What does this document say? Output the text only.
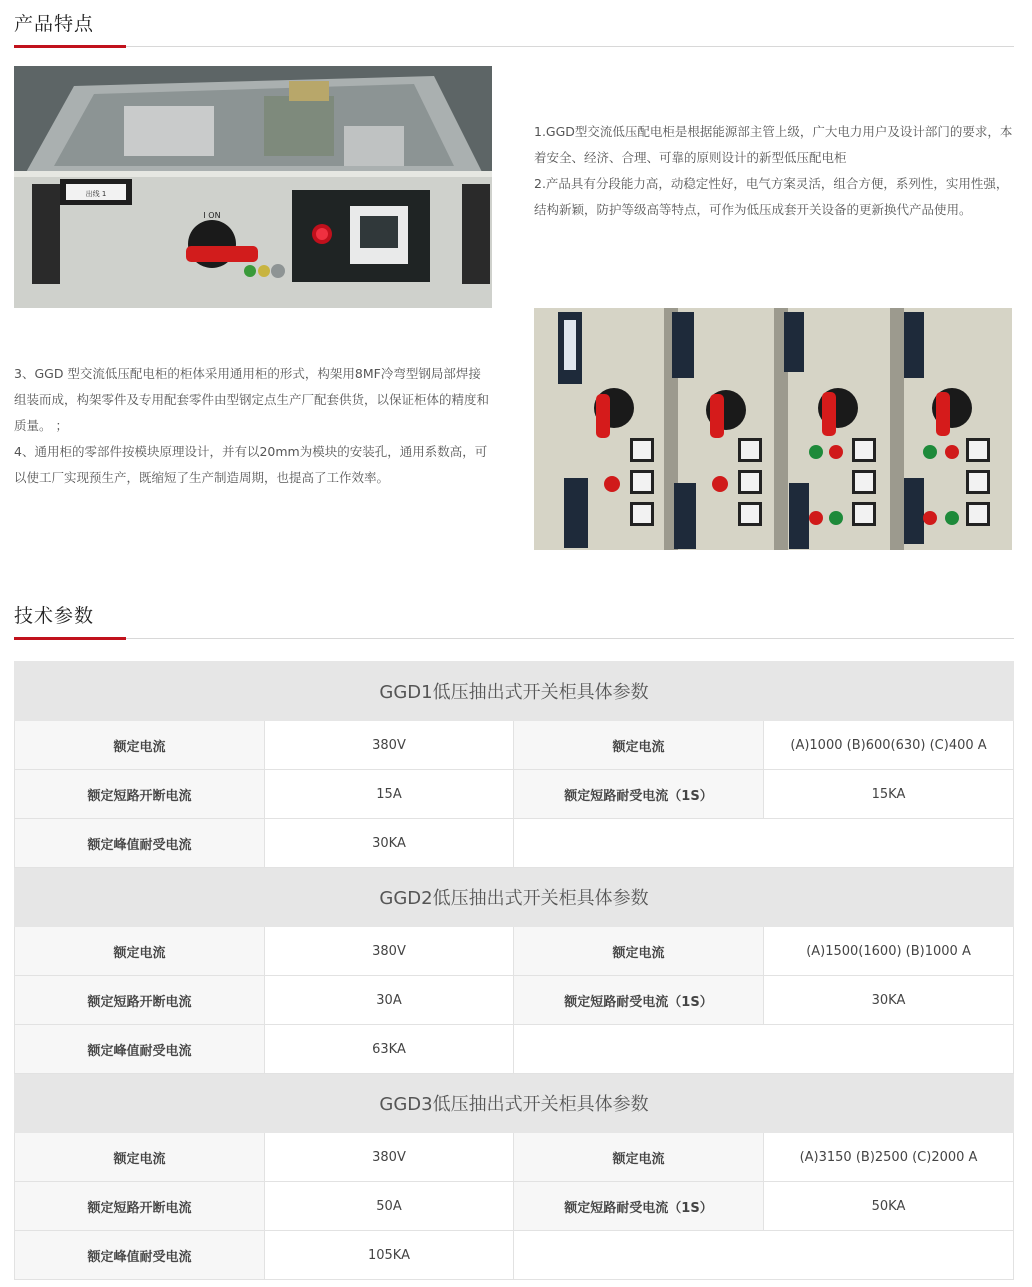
产品特点
出线 1
I ON

1.GGD型交流低压配电柜是根据能源部主管上级，广大电力用户及设计部门的要求，本着安全、经济、合理、可靠的原则设计的新型低压配电柜

2.产品具有分段能力高，动稳定性好，电气方案灵活，组合方便，系列性，实用性强，结构新颖，防护等级高等特点，可作为低压成套开关设备的更新换代产品使用。

3、GGD 型交流低压配电柜的柜体采用通用柜的形式，构架用8MF冷弯型钢局部焊接组装而成，构架零件及专用配套零件由型钢定点生产厂配套供货，以保证柜体的精度和质量。 ；

4、通用柜的零部件按模块原理设计，并有以20mm为模块的安装孔，通用系数高，可以使工厂实现预生产，既缩短了生产制造周期，也提高了工作效率。

技术参数
GGD1低压抽出式开关柜具体参数			
额定电流	380V	额定电流	(A)1000 (B)600(630) (C)400 A
额定短路开断电流	15A	额定短路耐受电流（1S）	15KA
额定峰值耐受电流	30KA		
GGD2低压抽出式开关柜具体参数			
额定电流	380V	额定电流	(A)1500(1600) (B)1000 A
额定短路开断电流	30A	额定短路耐受电流（1S）	30KA
额定峰值耐受电流	63KA		
GGD3低压抽出式开关柜具体参数			
额定电流	380V	额定电流	(A)3150 (B)2500 (C)2000 A
额定短路开断电流	50A	额定短路耐受电流（1S）	50KA
额定峰值耐受电流	105KA		
